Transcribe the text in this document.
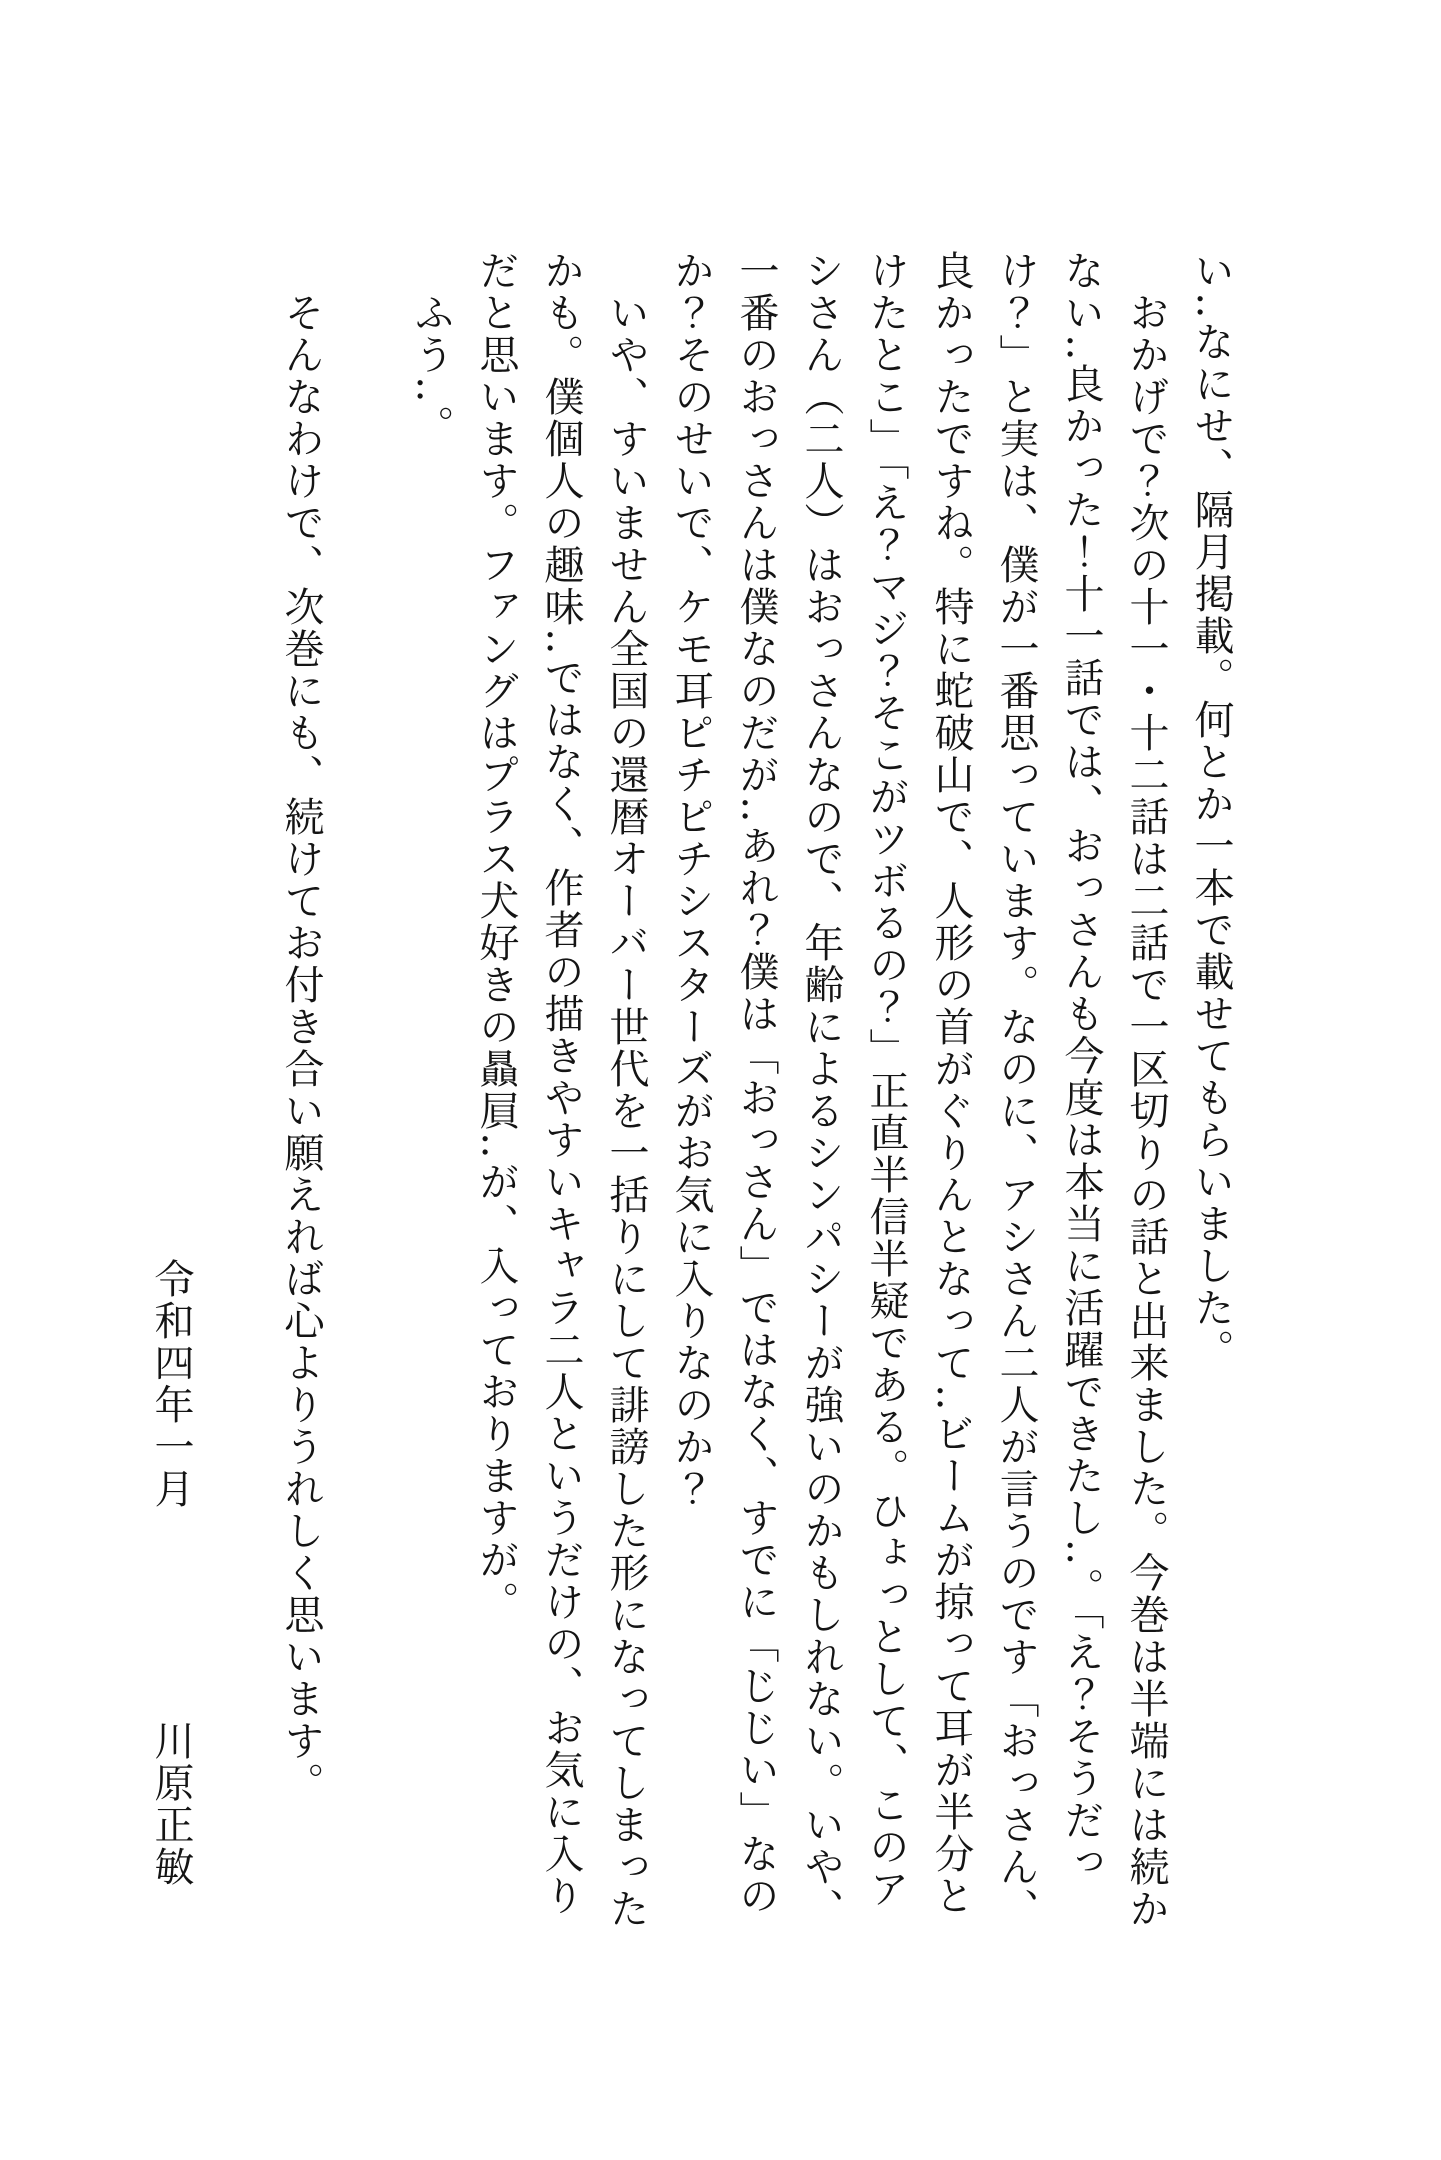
い‥なにせ、隔月掲載。何とか一本で載せてもらいました。
　おかげで？次の十一・十二話は二話で一区切りの話と出来ました。今巻は半端には続か
ない‥良かった！十一話では、おっさんも今度は本当に活躍できたし‥。「え？そうだっ
け？」と実は、僕が一番思っています。なのに、アシさん二人が言うのです「おっさん、
良かったですね。特に蛇破山で、人形の首がぐりんとなって‥ビームが掠って耳が半分と
けたとこ」「え？マジ？そこがツボるの？」正直半信半疑である。ひょっとして、このア
シさん（二人）はおっさんなので、年齢によるシンパシーが強いのかもしれない。いや、
一番のおっさんは僕なのだが‥あれ？僕は「おっさん」ではなく、すでに「じじい」なの
か？そのせいで、ケモ耳ピチピチシスターズがお気に入りなのか？
　いや、すいません全国の還暦オーバー世代を一括りにして誹謗した形になってしまった
かも。僕個人の趣味‥ではなく、作者の描きやすいキャラ二人というだけの、お気に入り
だと思います。ファングはプラス犬好きの贔屓‥が、入っておりますが。
　ふう‥。

　そんなわけで、次巻にも、続けてお付き合い願えれば心よりうれしく思います。

　　　　　　　　　　　　　　　　　　　　　　　　令和四年一月　　　　　川原正敏
